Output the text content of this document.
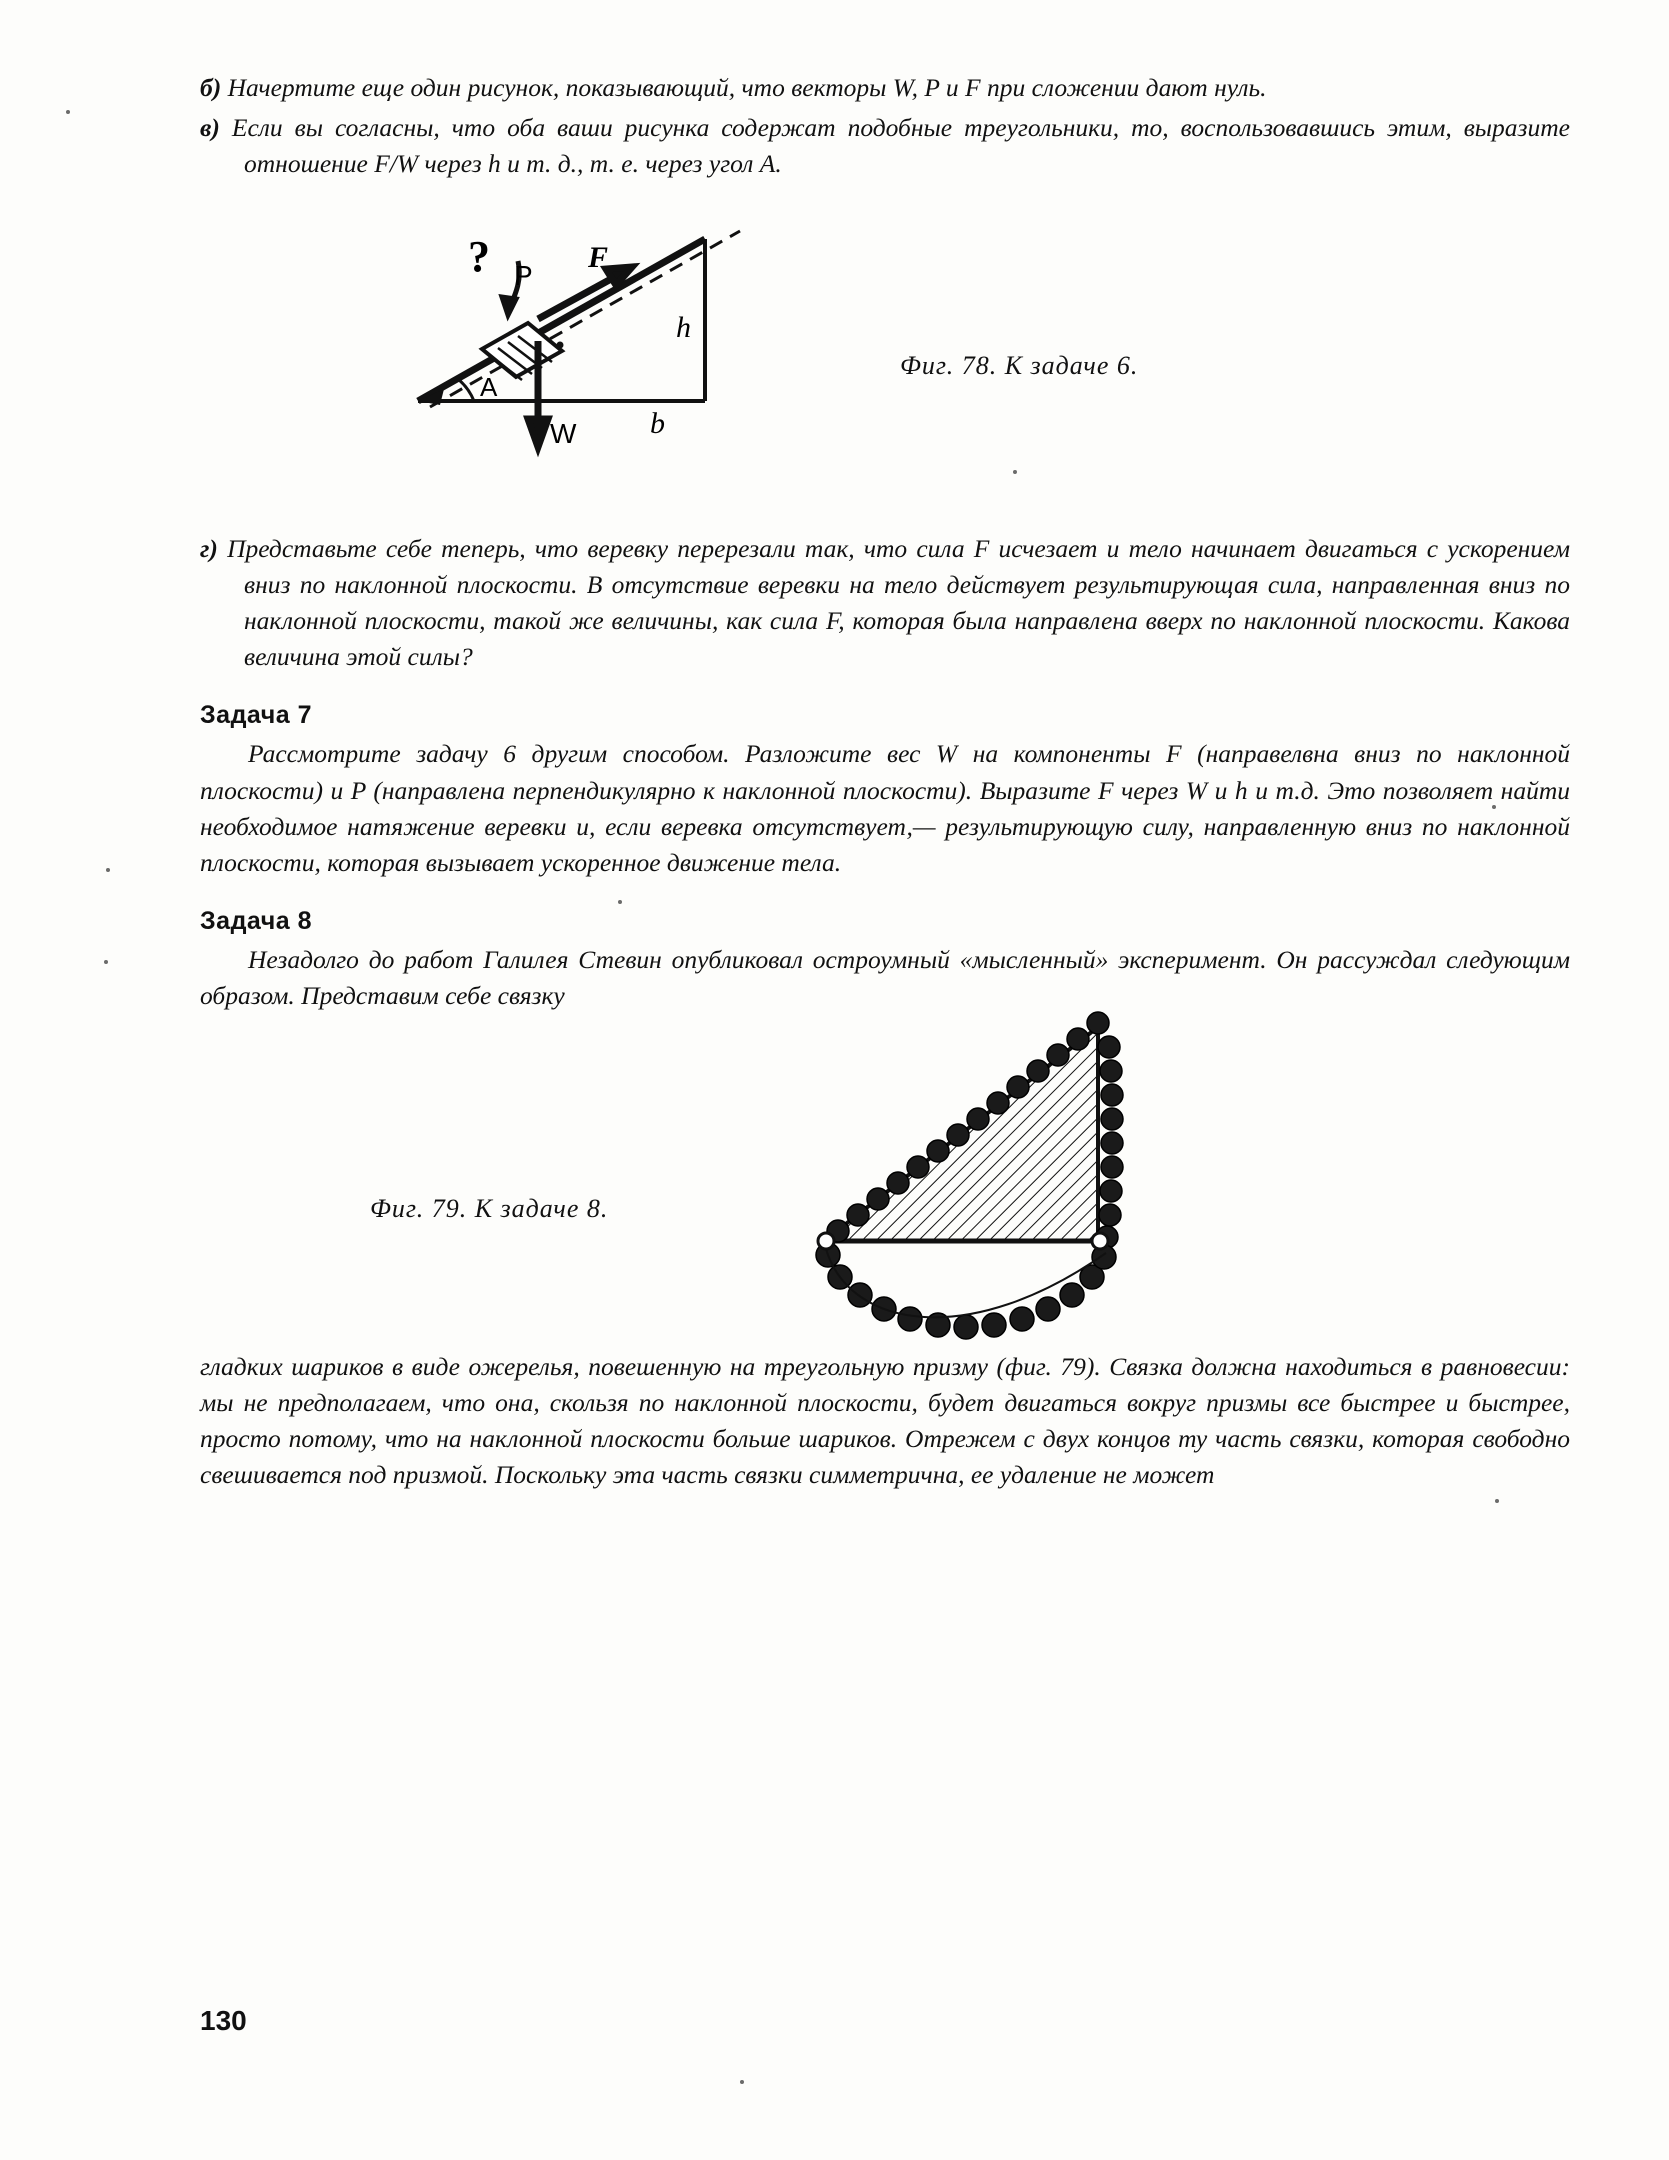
б) Начертите еще один рисунок, показывающий, что векторы W, P и F при сложении дают нуль.

в) Если вы согласны, что оба ваши рисунка содержат подобные треугольники, то, воспользовавшись этим, выразите отношение F/W через h и т. д., т. е. через угол A.

? P
F
h
b
W
A
Фиг. 78. К задаче 6.

г) Представьте себе теперь, что веревку перерезали так, что сила F исчезает и тело начинает двигаться с ускорением вниз по наклонной плоскости. В отсутствие веревки на тело действует результирующая сила, направленная вниз по наклонной плоскости, такой же величины, как сила F, которая была направлена вверх по наклонной плоскости. Какова величина этой силы?

Задача 7

Рассмотрите задачу 6 другим способом. Разложите вес W на компоненты F (направелвна вниз по наклонной плоскости) и P (направлена перпендикулярно к наклонной плоскости). Выразите F через W и h и т.д. Это позволяет найти необходимое натяжение веревки и, если веревка отсутствует,— результирующую силу, направленную вниз по наклонной плоскости, которая вызывает ускоренное движение тела.

Задача 8

Незадолго до работ Галилея Стевин опубликовал остроумный «мысленный» эксперимент. Он рассуждал следующим образом. Представим себе связку

Фиг. 79. К задаче 8.

гладких шариков в виде ожерелья, повешенную на треугольную призму (фиг. 79). Связка должна находиться в равновесии: мы не предполагаем, что она, скользя по наклонной плоскости, будет двигаться вокруг призмы все быстрее и быстрее, просто потому, что на наклонной плоскости больше шариков. Отрежем с двух концов ту часть связки, которая свободно свешивается под призмой. Поскольку эта часть связки симметрична, ее удаление не может

130
